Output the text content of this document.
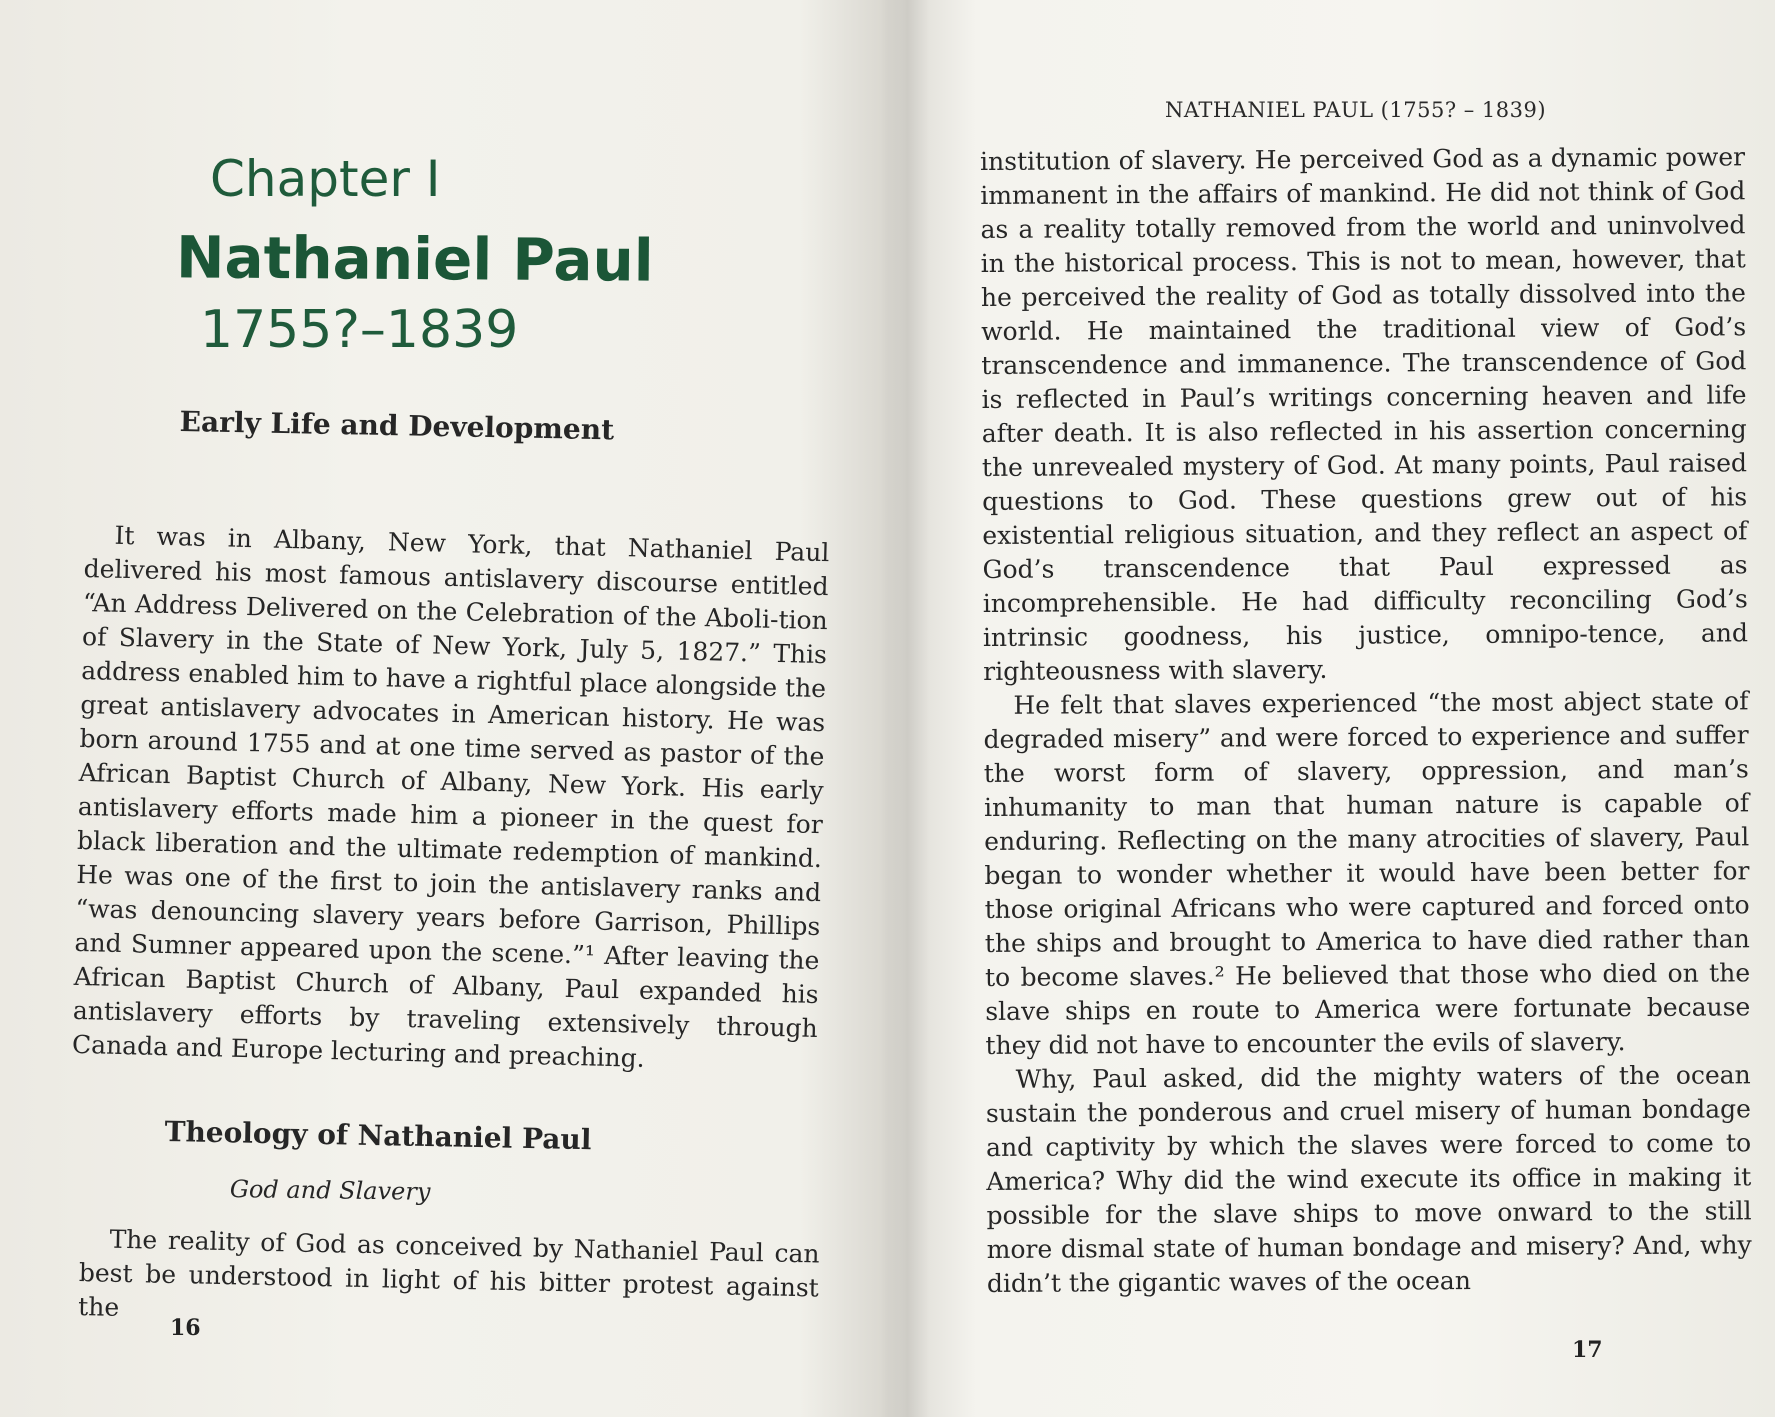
Chapter I
Nathaniel Paul
1755?–1839
Early Life and Development

It was in Albany, New York, that Nathaniel Paul delivered his most famous antislavery discourse entitled “An Address Delivered on the Celebration of the Aboli-tion of Slavery in the State of New York, July 5, 1827.” This address enabled him to have a rightful place alongside the great antislavery advocates in American history. He was born around 1755 and at one time served as pastor of the African Baptist Church of Albany, New York. His early antislavery efforts made him a pioneer in the quest for black liberation and the ultimate redemption of mankind. He was one of the first to join the antislavery ranks and “was denouncing slavery years before Garrison, Phillips and Sumner appeared upon the scene.”¹ After leaving the African Baptist Church of Albany, Paul expanded his antislavery efforts by traveling extensively through Canada and Europe lecturing and preaching.

Theology of Nathaniel Paul
God and Slavery

The reality of God as conceived by Nathaniel Paul can best be understood in light of his bitter protest against the

16
NATHANIEL PAUL (1755? – 1839)

institution of slavery. He perceived God as a dynamic power immanent in the affairs of mankind. He did not think of God as a reality totally removed from the world and uninvolved in the historical process. This is not to mean, however, that he perceived the reality of God as totally dissolved into the world. He maintained the traditional view of God’s transcendence and immanence. The transcendence of God is reflected in Paul’s writings concerning heaven and life after death. It is also reflected in his assertion concerning the unrevealed mystery of God. At many points, Paul raised questions to God. These questions grew out of his existential religious situation, and they reflect an aspect of God’s transcendence that Paul expressed as incomprehensible. He had difficulty reconciling God’s intrinsic goodness, his justice, omnipo-tence, and righteousness with slavery.

He felt that slaves experienced “the most abject state of degraded misery” and were forced to experience and suffer the worst form of slavery, oppression, and man’s inhumanity to man that human nature is capable of enduring. Reflecting on the many atrocities of slavery, Paul began to wonder whether it would have been better for those original Africans who were captured and forced onto the ships and brought to America to have died rather than to become slaves.² He believed that those who died on the slave ships en route to America were fortunate because they did not have to encounter the evils of slavery.

Why, Paul asked, did the mighty waters of the ocean sustain the ponderous and cruel misery of human bondage and captivity by which the slaves were forced to come to America? Why did the wind execute its office in making it possible for the slave ships to move onward to the still more dismal state of human bondage and misery? And, why didn’t the gigantic waves of the ocean

17
